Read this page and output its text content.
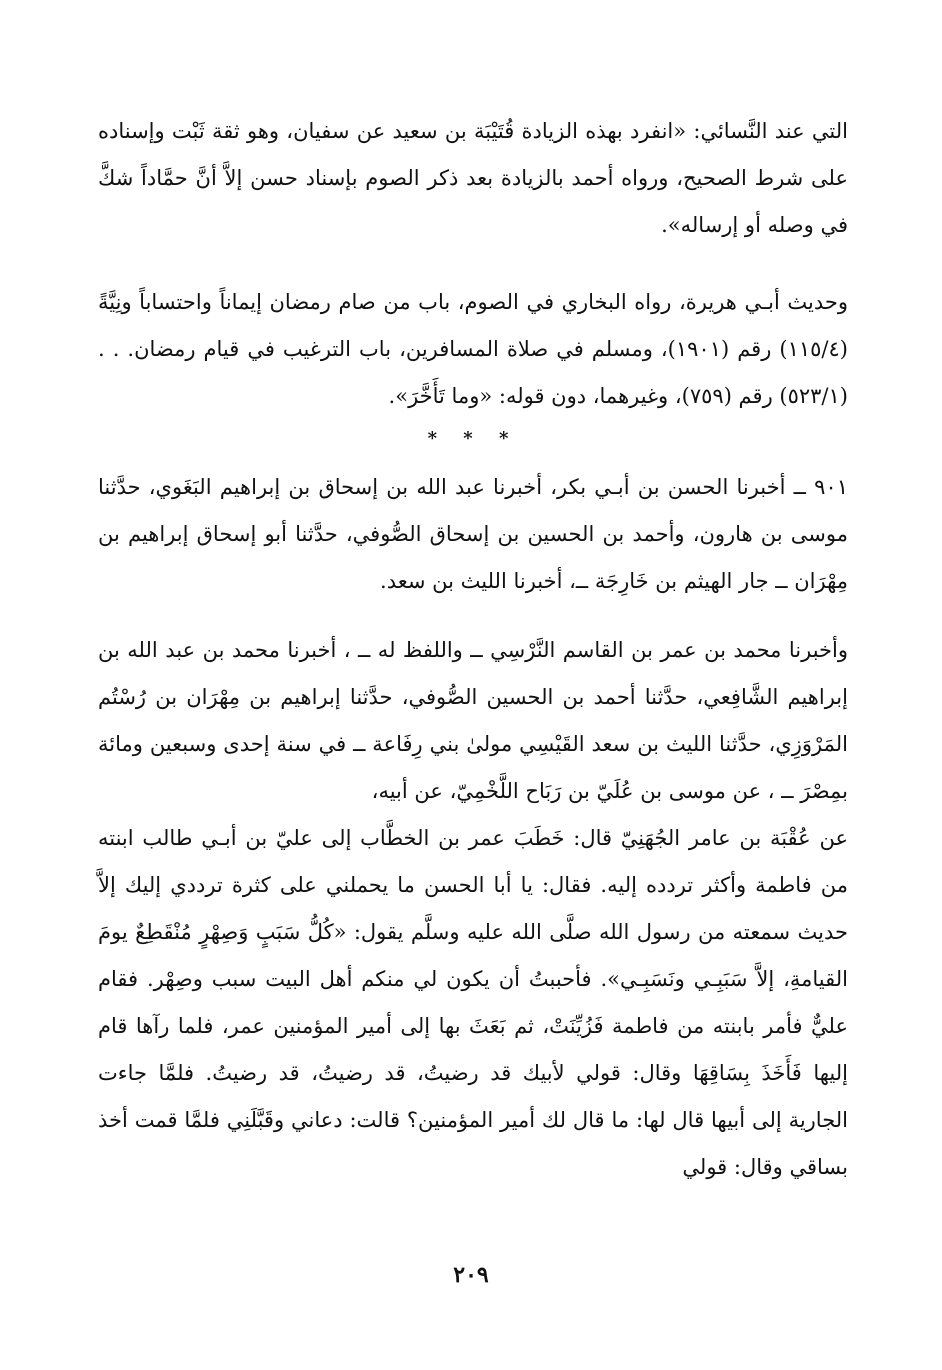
التي عند النَّسائي: «انفرد بهذه الزيادة قُتَيْبَة بن سعيد عن سفيان، وهو ثقة ثَبْت وإسناده على شرط الصحيح، ورواه أحمد بالزيادة بعد ذكر الصوم بإسناد حسن إلاَّ أنَّ حمَّاداً شكَّ في وصله أو إرساله».

وحديث أبـي هريرة، رواه البخاري في الصوم، باب من صام رمضان إيماناً واحتساباً ونِيَّةً (١١٥/٤) رقم (١٩٠١)، ومسلم في صلاة المسافرين، باب الترغيب في قيام رمضان. . . (٥٢٣/١) رقم (٧٥٩)، وغيرهما، دون قوله: «وما تَأَخَّرَ».

* * *

٩٠١ ــ أخبرنا الحسن بن أبـي بكر، أخبرنا عبد الله بن إسحاق بن إبراهيم البَغَوي، حدَّثنا موسى بن هارون، وأحمد بن الحسين بن إسحاق الصُّوفي، حدَّثنا أبو إسحاق إبراهيم بن مِهْرَان ــ جار الهيثم بن خَارِجَة ــ، أخبرنا الليث بن سعد.

وأخبرنا محمد بن عمر بن القاسم النَّرْسِي ــ واللفظ له ــ ، أخبرنا محمد بن عبد الله بن إبراهيم الشَّافِعي، حدَّثنا أحمد بن الحسين الصُّوفي، حدَّثنا إبراهيم بن مِهْرَان بن رُسْتُم المَرْوَزِي، حدَّثنا الليث بن سعد القَيْسِي مولىٰ بني رِفَاعة ــ في سنة إحدى وسبعين ومائة بمِصْرَ ــ ، عن موسى بن عُلَيّ بن رَبَاح اللَّخْمِيّ، عن أبيه،

عن عُقْبَة بن عامر الجُهَنِيّ قال: خَطَبَ عمر بن الخطَّاب إلى عليّ بن أبـي طالب ابنته من فاطمة وأكثر تردده إليه. فقال: يا أبا الحسن ما يحملني على كثرة ترددي إليك إلاَّ حديث سمعته من رسول الله صلَّى الله عليه وسلَّم يقول: «كُلُّ سَبَبٍ وَصِهْرٍ مُنْقَطِعٌ يومَ القيامةِ، إلاَّ سَبَبِـي ونَسَبِـي». فأحببتُ أن يكون لي منكم أهل البيت سبب وصِهْر. فقام عليٌّ فأمر بابنته من فاطمة فَزُيِّنَتْ، ثم بَعَثَ بها إلى أمير المؤمنين عمر، فلما رآها قام إليها فَأَخَذَ بِسَاقِهَا وقال: قولي لأبيك قد رضيتُ، قد رضيتُ، قد رضيتُ. فلمَّا جاءت الجارية إلى أبيها قال لها: ما قال لك أمير المؤمنين؟ قالت: دعاني وقَبَّلَنِي فلمَّا قمت أخذ بساقي وقال: قولي

٢٠٩
